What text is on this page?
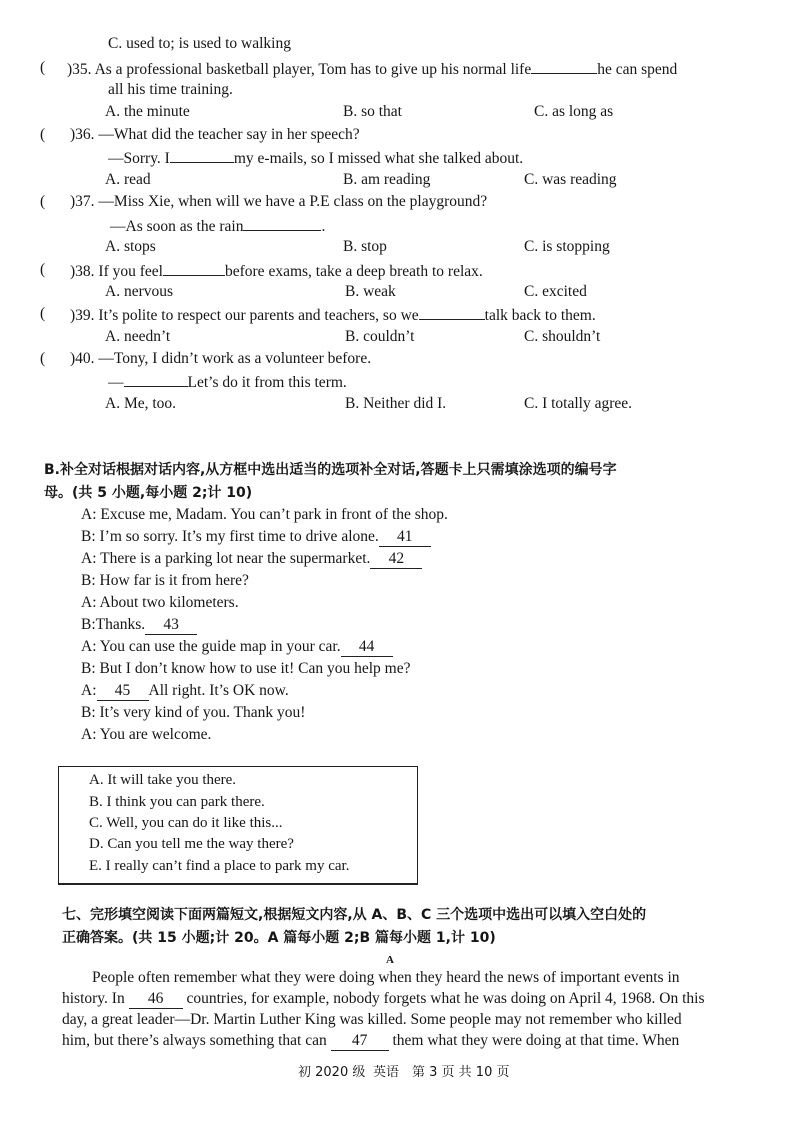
C. used to; is used to walking
( )35. As a professional basketball player, Tom has to give up his normal life	he can spend
all his time training.
A. the minute	B. so that	C. as long as
( )36. —What did the teacher say in her speech?
—Sorry. I	my e-mails, so I missed what she talked about.
A. read	B. am reading	C. was reading
( )37. —Miss Xie, when will we have a P.E class on the playground?
—As soon as the rain	.
A. stops	B. stop	C. is stopping
( )38. If you feel	before exams, take a deep breath to relax.
A. nervous	B. weak	C. excited
( )39. It’s polite to respect our parents and teachers, so we	talk back to them.
A. needn’t	B. couldn’t	C. shouldn’t
( )40. —Tony, I didn’t work as a volunteer before.
—	Let’s do it from this term.
A. Me, too.	B. Neither did I.	C. I totally agree.
B.补全对话根据对话内容,从方框中选出适当的选项补全对话,答题卡上只需填涂选项的编号字
母。(共 5 小题,每小题 2;计 10)
A: Excuse me, Madam. You can’t park in front of the shop.
B: I’m so sorry. It’s my first time to drive alone. 41
A: There is a parking lot near the supermarket. 42
B: How far is it from here?
A: About two kilometers.
B:Thanks. 43
A: You can use the guide map in your car. 44
B: But I don’t know how to use it! Can you help me?
A: 45 All right. It’s OK now.
B: It’s very kind of you. Thank you!
A: You are welcome.
A. It will take you there.
B. I think you can park there.
C. Well, you can do it like this...
D. Can you tell me the way there?
E. I really can’t find a place to park my car.
七、完形填空阅读下面两篇短文,根据短文内容,从 A、B、C 三个选项中选出可以填入空白处的
正确答案。(共 15 小题;计 20。A 篇每小题 2;B 篇每小题 1,计 10)
A
People often remember what they were doing when they heard the news of important events in
history. In 46 countries, for example, nobody forgets what he was doing on April 4, 1968. On this
day, a great leader—Dr. Martin Luther King was killed. Some people may not remember who killed
him, but there’s always something that can 47 them what they were doing at that time. When
初 2020 级 英语 第 3 页 共 10 页
